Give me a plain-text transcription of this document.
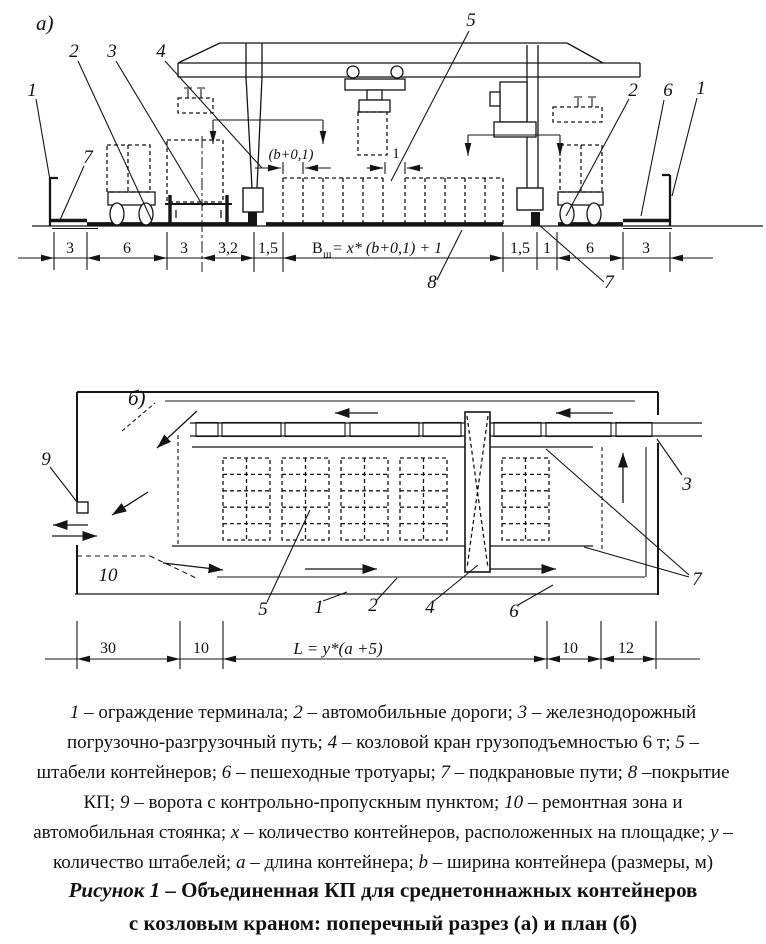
а)
(b+0,1)	1
3	6	3 3,2 1,5 B ш = x* (b+0,1) + 1	1,5 1 6	3
1
2 3 4
5
2 6 1
7
7
8
б)
30	10	L = y*(a +5)	10	12
9
10
5 1 2	4	6
3
7
1 – ограждение терминала; 2 – автомобильные дороги; 3 – железнодорожный погрузочно-разгрузочный путь; 4 – козловой кран грузоподъемностью 6 т; 5 – штабели контейнеров; 6 – пешеходные тротуары; 7 – подкрановые пути; 8 –покрытие КП; 9 – ворота с контрольно-пропускным пунктом; 10 – ремонтная зона и автомобильная стоянка; x – количество контейнеров, расположенных на площадке; y – количество штабелей; a – длина контейнера; b – ширина контейнера (размеры, м)
Рисунок 1 – Объединенная КП для среднетоннажных контейнеров с козловым краном: поперечный разрез (а) и план (б)
